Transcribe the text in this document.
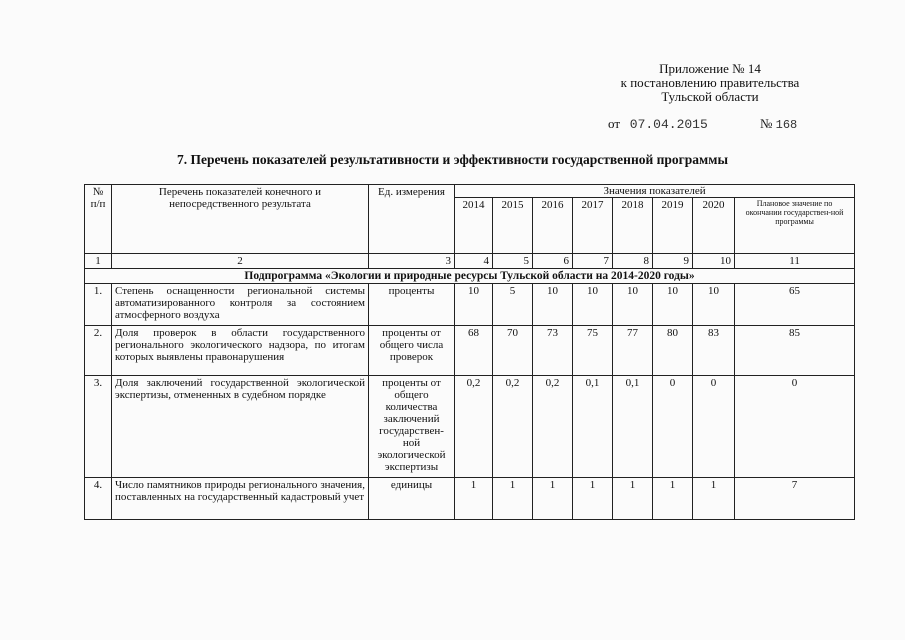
Приложение № 14
к постановлению правительства
Тульской области
от 07.04.2015	№ 168
7. Перечень показателей результативности и эффективности государственной программы
№ п/п	Перечень показателей конечного и непосредственного результата	Ед. измерения	Значения показателей							
			2014	2015	2016	2017	2018	2019	2020	Плановое значение по окончании государствен-ной программы
1	2	3	4	5	6	7	8	9	10	11
Подпрограмма «Экологии и природные ресурсы Тульской области на 2014-2020 годы»										
1.	Степень оснащенности региональной системы автоматизированного контроля за состоянием атмосферного воздуха	проценты	10	5	10	10	10	10	10	65
2.	Доля проверок в области государственного регионального экологического надзора, по итогам которых выявлены правонарушения	проценты от общего числа проверок	68	70	73	75	77	80	83	85
3.	Доля заключений государственной экологической экспертизы, отмененных в судебном порядке	проценты от общего количества заключений государствен-ной экологической экспертизы	0,2	0,2	0,2	0,1	0,1	0	0	0
4.	Число памятников природы регионального значения, поставленных на государственный кадастровый учет	единицы	1	1	1	1	1	1	1	7
